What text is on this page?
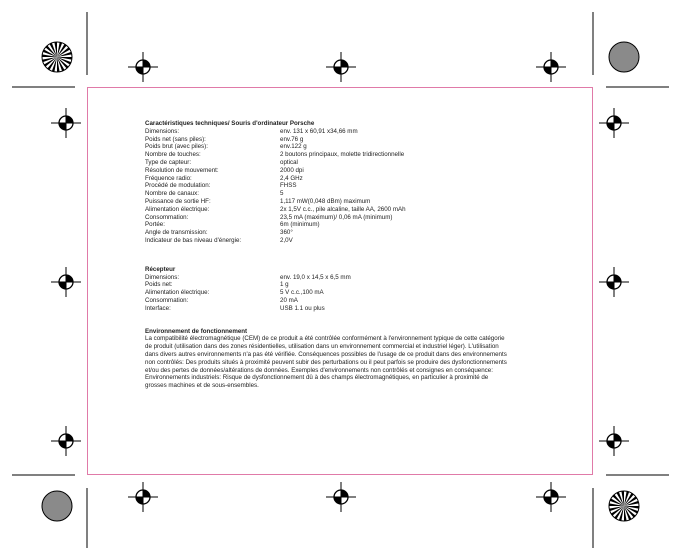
Caractéristiques techniques/ Souris d'ordinateur Porsche
Dimensions:	env. 131 x 60,91 x34,66 mm
Poids net (sans piles):	env.76 g
Poids brut (avec piles):	env.122 g
Nombre de touches:	2 boutons principaux, molette tridirectionnelle
Type de capteur:	optical
Résolution de mouvement:	2000 dpi
Fréquence radio:	2,4 GHz
Procédé de modulation:	FHSS
Nombre de canaux:	5
Puissance de sortie HF:	1,117 mW(0,048 dBm) maximum
Alimentation électrique:	2x 1,5V c.c., pile alcaline, taille AA, 2600 mAh
Consommation:	23,5 mA (maximum)/ 0,06 mA (minimum)
Portée:	6m (minimum)
Angle de transmission:	360°
Indicateur de bas niveau d'énergie:	2,0V
Récepteur
Dimensions:	env. 19,0 x 14,5 x 6,5 mm
Poids net:	1 g
Alimentation électrique:	5 V c.c.,100 mA
Consommation:	20 mA
Interface:	USB 1.1 ou plus
Environnement de fonctionnement
La compatibilité électromagnétique (CEM) de ce produit a été contrôlée conformément à l'environnement typique de cette catégorie
de produit (utilisation dans des zones résidentielles, utilisation dans un environnement commercial et industriel léger). L'utilisation
dans divers autres environnements n'a pas été vérifiée. Conséquences possibles de l'usage de ce produit dans des environnements
non contrôlés: Des produits situés à proximité peuvent subir des perturbations ou il peut parfois se produire des dysfonctionnements
et/ou des pertes de données/altérations de données. Exemples d'environnements non contrôlés et consignes en conséquence:
Environnements industriels: Risque de dysfonctionnement dû à des champs électromagnétiques, en particulier à proximité de
grosses machines et de sous-ensembles.
